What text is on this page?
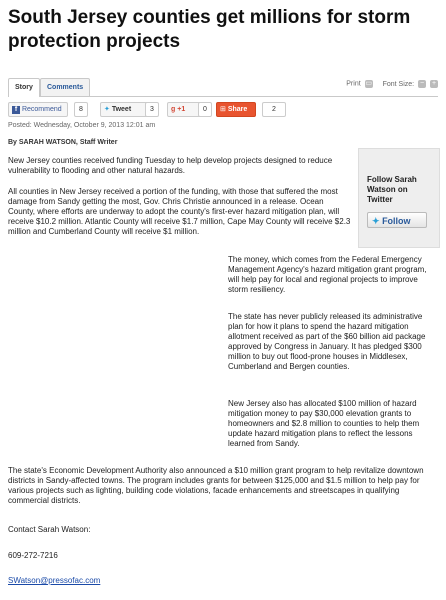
South Jersey counties get millions for storm protection projects
Story	Comments	Print ▭ Font Size: − +
f Recommend	8	✦ Tweet	3	g +1	0	⊞ Share	2
Posted: Wednesday, October 9, 2013 12:01 am
By SARAH WATSON, Staff Writer
Follow Sarah Watson on Twitter
✦ Follow

New Jersey counties received funding Tuesday to help develop projects designed to reduce vulnerability to flooding and other natural hazards.

All counties in New Jersey received a portion of the funding, with those that suffered the most damage from Sandy getting the most, Gov. Chris Christie announced in a release. Ocean County, where efforts are underway to adopt the county's first-ever hazard mitigation plan, will receive $10.2 million. Atlantic County will receive $1.7 million, Cape May County will receive $2.3 million and Cumberland County will receive $1 million.

The money, which comes from the Federal Emergency Management Agency's hazard mitigation grant program, will help pay for local and regional projects to improve storm resiliency.

The state has never publicly released its administrative plan for how it plans to spend the hazard mitigation allotment received as part of the $60 billion aid package approved by Congress in January. It has pledged $300 million to buy out flood-prone houses in Middlesex, Cumberland and Bergen counties.

New Jersey also has allocated $100 million of hazard mitigation money to pay $30,000 elevation grants to homeowners and $2.8 million to counties to help them update hazard mitigation plans to reflect the lessons learned from Sandy.

The state's Economic Development Authority also announced a $10 million grant program to help revitalize downtown districts in Sandy-affected towns. The program includes grants for between $125,000 and $1.5 million to help pay for various projects such as lighting, building code violations, facade enhancements and streetscapes in qualifying commercial districts.

Contact Sarah Watson:
609-272-7216
SWatson@pressofac.com
